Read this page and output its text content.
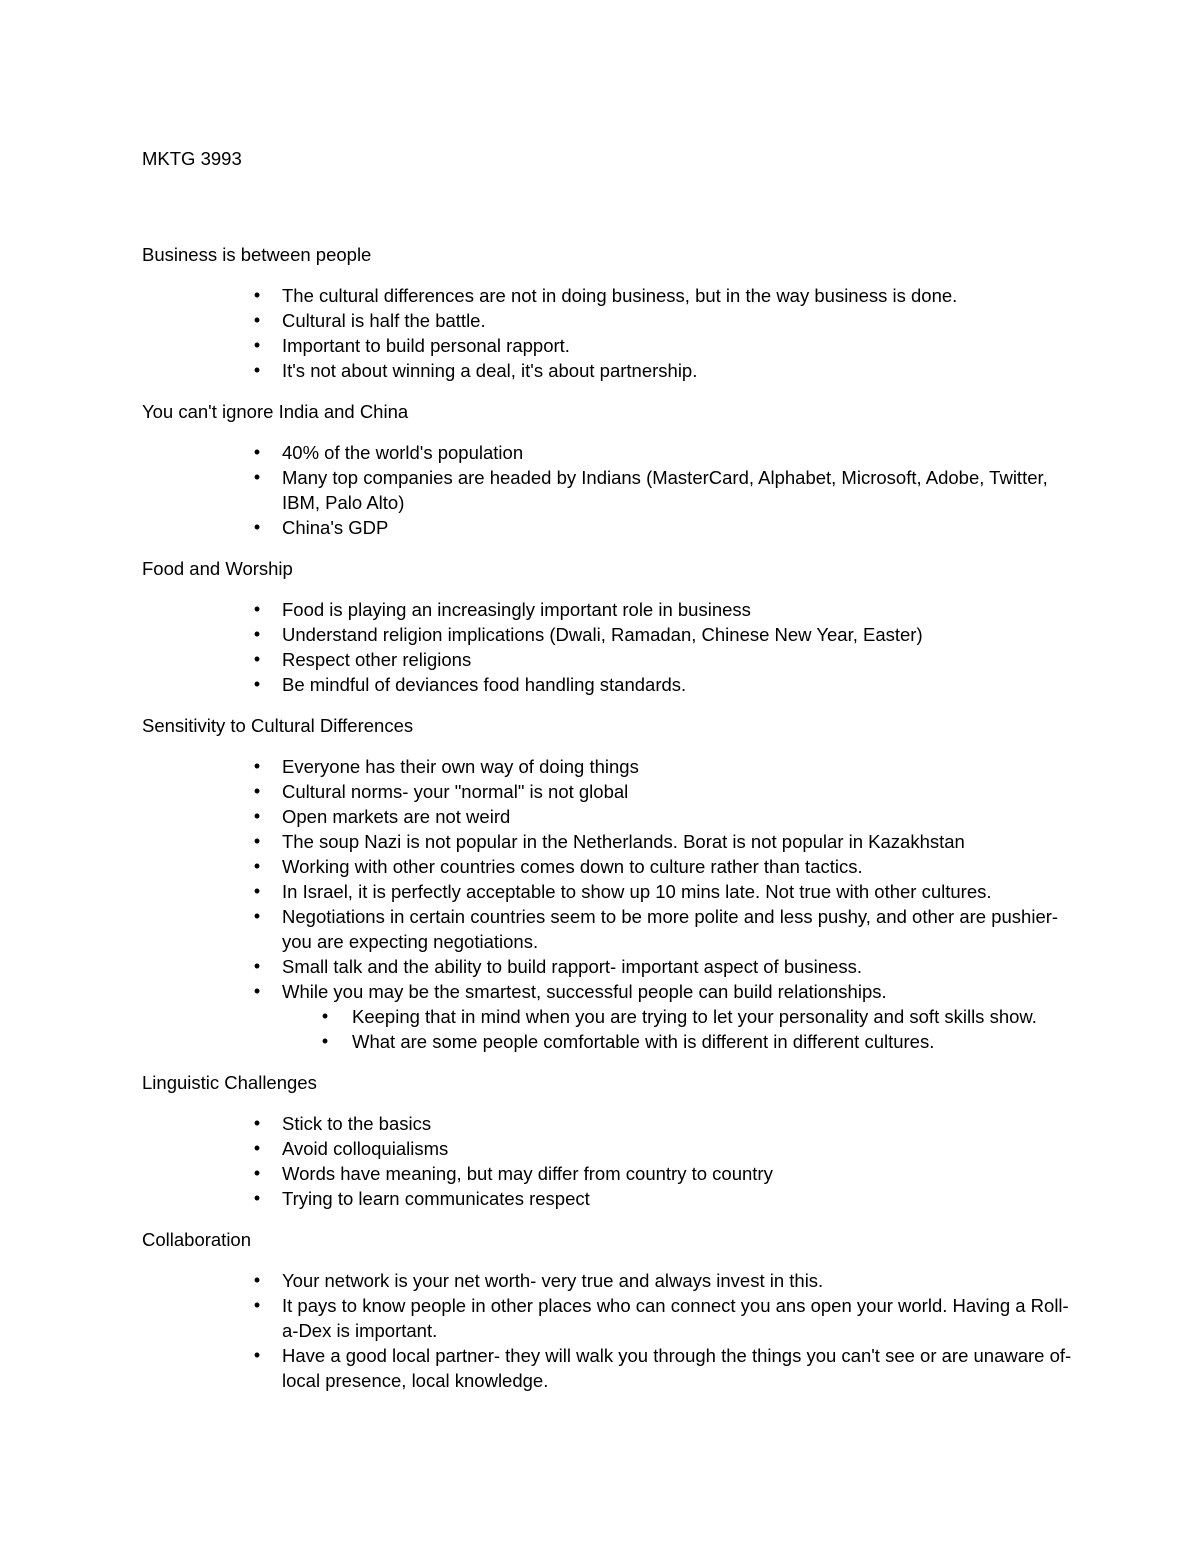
MKTG 3993

Business is between people

•
The cultural differences are not in doing business, but in the way business is done.
•
Cultural is half the battle.
•
Important to build personal rapport.
•
It's not about winning a deal, it's about partnership.

You can't ignore India and China

•
40% of the world's population
•
Many top companies are headed by Indians (MasterCard, Alphabet, Microsoft, Adobe, Twitter, IBM, Palo Alto)
•
China's GDP

Food and Worship

•
Food is playing an increasingly important role in business
•
Understand religion implications (Dwali, Ramadan, Chinese New Year, Easter)
•
Respect other religions
•
Be mindful of deviances food handling standards.

Sensitivity to Cultural Differences

•
Everyone has their own way of doing things
•
Cultural norms- your "normal" is not global
•
Open markets are not weird
•
The soup Nazi is not popular in the Netherlands. Borat is not popular in Kazakhstan
•
Working with other countries comes down to culture rather than tactics.
•
In Israel, it is perfectly acceptable to show up 10 mins late. Not true with other cultures.
•
Negotiations in certain countries seem to be more polite and less pushy, and other are pushier- you are expecting negotiations.
•
Small talk and the ability to build rapport- important aspect of business.
•
While you may be the smartest, successful people can build relationships.
•
Keeping that in mind when you are trying to let your personality and soft skills show.
•
What are some people comfortable with is different in different cultures.

Linguistic Challenges

•
Stick to the basics
•
Avoid colloquialisms
•
Words have meaning, but may differ from country to country
•
Trying to learn communicates respect

Collaboration

•
Your network is your net worth- very true and always invest in this.
•
It pays to know people in other places who can connect you ans open your world. Having a Roll-a-Dex is important.
•
Have a good local partner- they will walk you through the things you can't see or are unaware of- local presence, local knowledge.
